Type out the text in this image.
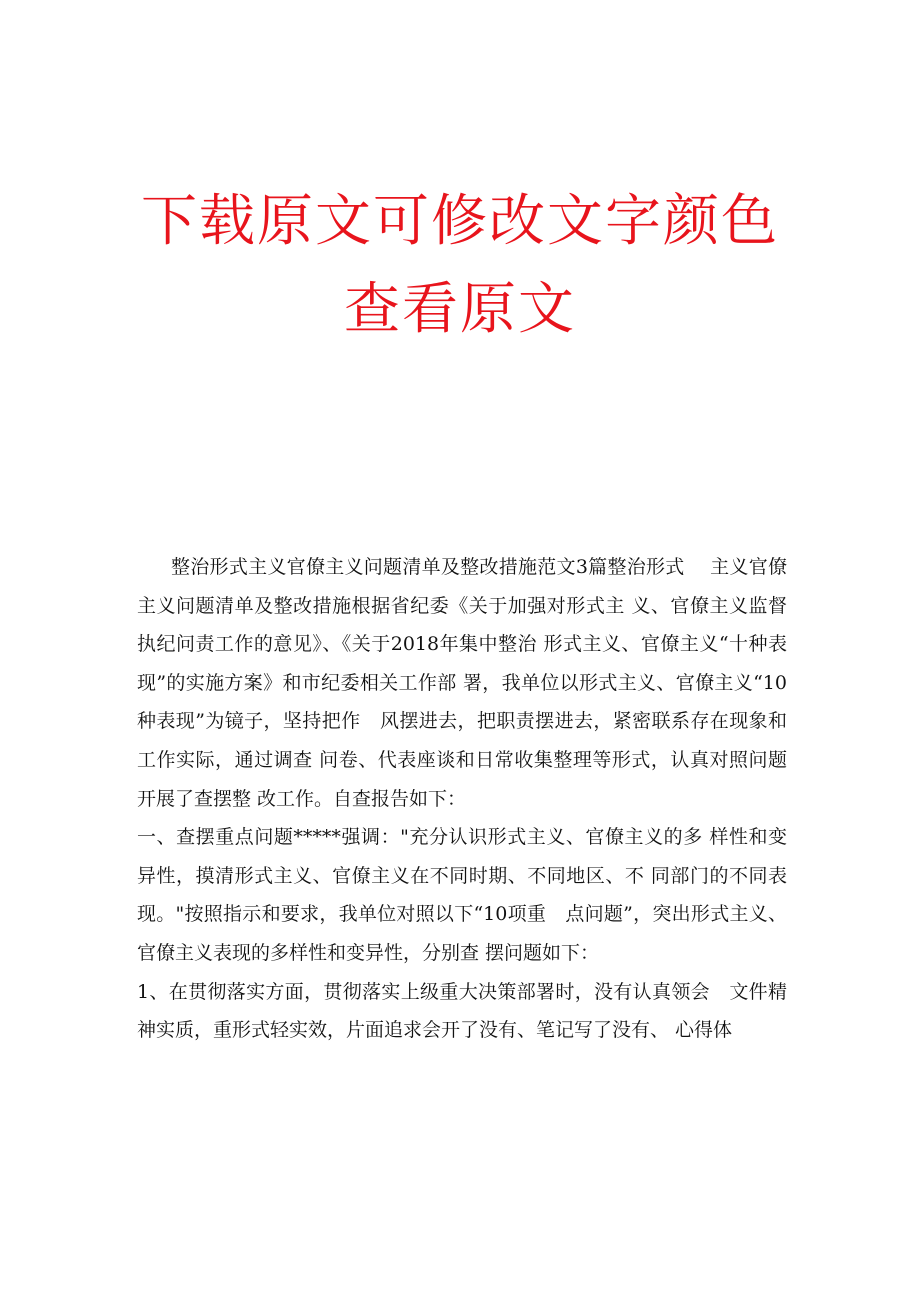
下载原文可修改文字颜色
查看原文

整治形式主义官僚主义问题清单及整改措施范文3篇整治形式　 主义官僚主义问题清单及整改措施根据省纪委《关于加强对形式主 义、官僚主义监督执纪问责工作的意见》、《关于2018年集中整治 形式主义、官僚主义“十种表现”的实施方案》和市纪委相关工作部 署，我单位以形式主义、官僚主义“10种表现”为镜子，坚持把作　风摆进去，把职责摆进去，紧密联系存在现象和工作实际，通过调查 问卷、代表座谈和日常收集整理等形式，认真对照问题开展了查摆整 改工作。自查报告如下：

一、查摆重点问题*****强调："充分认识形式主义、官僚主义的多 样性和变异性，摸清形式主义、官僚主义在不同时期、不同地区、不 同部门的不同表现。"按照指示和要求，我单位对照以下“10项重　点问题”，突出形式主义、官僚主义表现的多样性和变异性，分别查 摆问题如下：

1、在贯彻落实方面，贯彻落实上级重大决策部署时，没有认真领会　文件精神实质，重形式轻实效，片面追求会开了没有、笔记写了没有、 心得体
